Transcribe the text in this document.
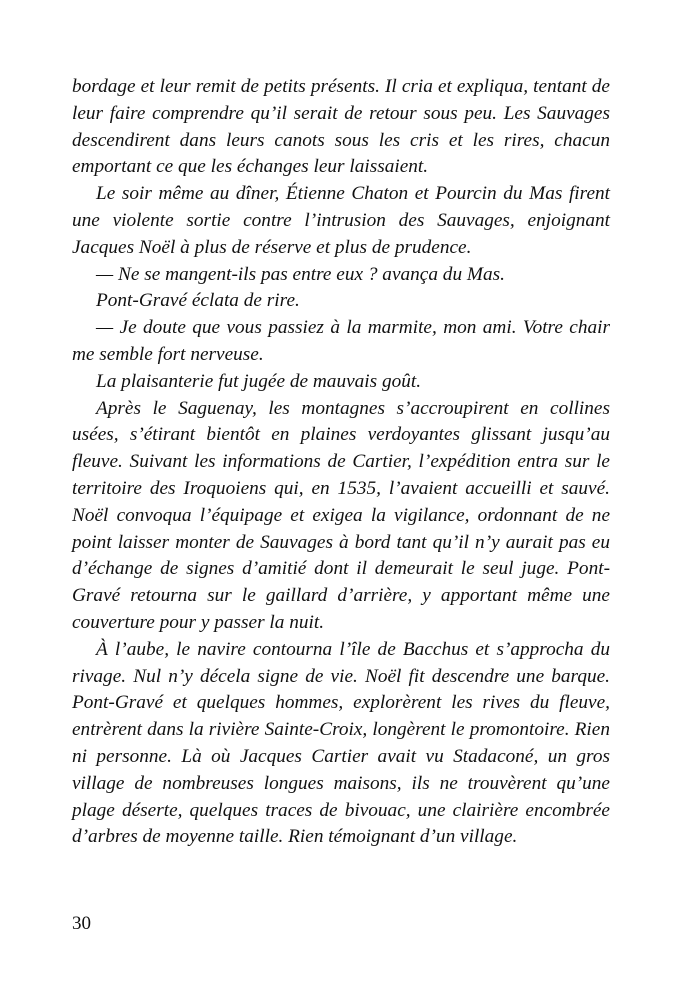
bordage et leur remit de petits présents. Il cria et expliqua, tentant de leur faire comprendre qu’il serait de retour sous peu. Les Sauvages descendirent dans leurs canots sous les cris et les rires, chacun emportant ce que les échanges leur laissaient.

Le soir même au dîner, Étienne Chaton et Pourcin du Mas firent une violente sortie contre l’intrusion des Sauvages, enjoignant Jacques Noël à plus de réserve et plus de prudence.

— Ne se mangent-ils pas entre eux ? avança du Mas.

Pont-Gravé éclata de rire.

— Je doute que vous passiez à la marmite, mon ami. Votre chair me semble fort nerveuse.

La plaisanterie fut jugée de mauvais goût.

Après le Saguenay, les montagnes s’accroupirent en collines usées, s’étirant bientôt en plaines verdoyantes glissant jusqu’au fleuve. Suivant les informations de Cartier, l’expédition entra sur le territoire des Iroquoiens qui, en 1535, l’avaient accueilli et sauvé. Noël convoqua l’équipage et exigea la vigilance, ordonnant de ne point laisser monter de Sauvages à bord tant qu’il n’y aurait pas eu d’échange de signes d’amitié dont il demeurait le seul juge. Pont-Gravé retourna sur le gaillard d’arrière, y apportant même une couverture pour y passer la nuit.

À l’aube, le navire contourna l’île de Bacchus et s’approcha du rivage. Nul n’y décela signe de vie. Noël fit descendre une barque. Pont-Gravé et quelques hommes, explorèrent les rives du fleuve, entrèrent dans la rivière Sainte-Croix, longèrent le promontoire. Rien ni personne. Là où Jacques Cartier avait vu Stadaconé, un gros village de nombreuses longues maisons, ils ne trouvèrent qu’une plage déserte, quelques traces de bivouac, une clairière encombrée d’arbres de moyenne taille. Rien témoignant d’un village.

30
